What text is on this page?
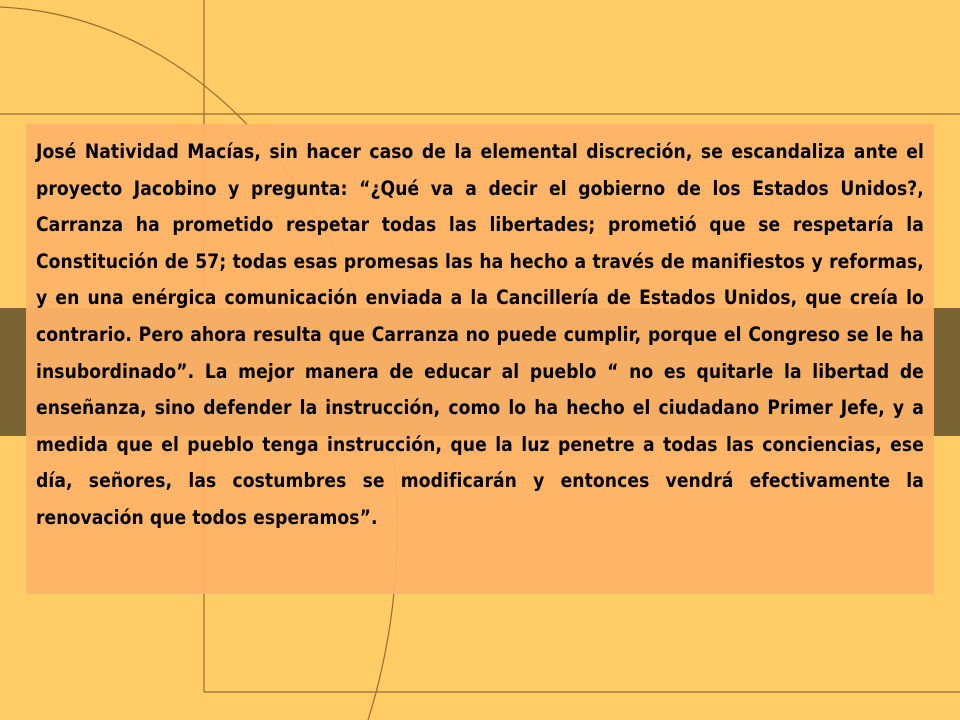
José Natividad Macías, sin hacer caso de la elemental discreción, se escandaliza ante el proyecto Jacobino y pregunta: “¿Qué va a decir el gobierno de los Estados Unidos?, Carranza ha prometido respetar todas las libertades; prometió que se respetaría la Constitución de 57; todas esas promesas las ha hecho a través de manifiestos y reformas, y en una enérgica comunicación enviada a la Cancillería de Estados Unidos, que creía lo contrario. Pero ahora resulta que Carranza no puede cumplir, porque el Congreso se le ha insubordinado”. La mejor manera de educar al pueblo “ no es quitarle la libertad de enseñanza, sino defender la instrucción, como lo ha hecho el ciudadano Primer Jefe, y a medida que el pueblo tenga instrucción, que la luz penetre a todas las conciencias, ese día, señores, las costumbres se modificarán y entonces vendrá efectivamente la renovación que todos esperamos”.
